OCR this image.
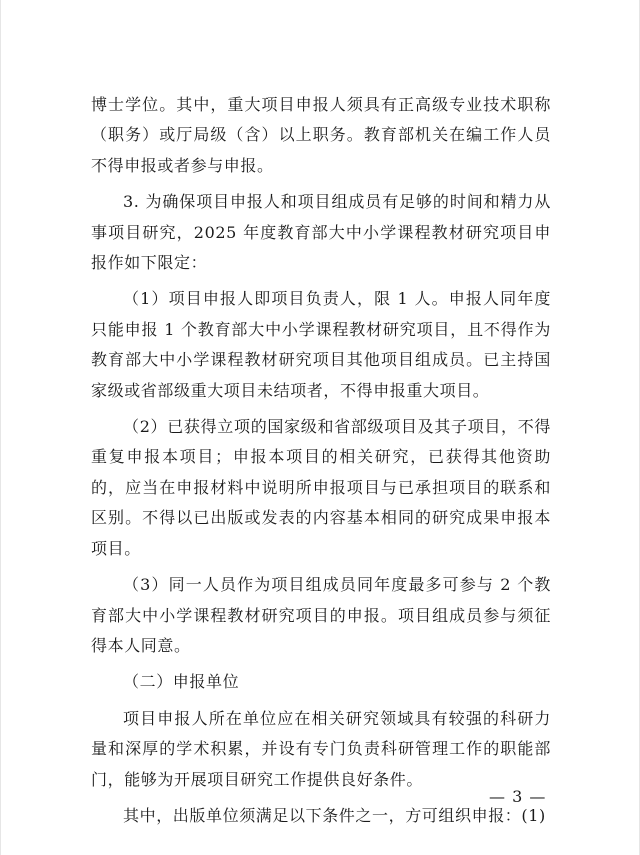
博士学位。其中，重大项目申报人须具有正高级专业技术职称（职务）或厅局级（含）以上职务。教育部机关在编工作人员不得申报或者参与申报。

3. 为确保项目申报人和项目组成员有足够的时间和精力从事项目研究，2025 年度教育部大中小学课程教材研究项目申报作如下限定：

（1）项目申报人即项目负责人，限 1 人。申报人同年度只能申报 1 个教育部大中小学课程教材研究项目，且不得作为教育部大中小学课程教材研究项目其他项目组成员。已主持国家级或省部级重大项目未结项者，不得申报重大项目。

（2）已获得立项的国家级和省部级项目及其子项目，不得重复申报本项目；申报本项目的相关研究，已获得其他资助的，应当在申报材料中说明所申报项目与已承担项目的联系和区别。不得以已出版或发表的内容基本相同的研究成果申报本项目。

（3）同一人员作为项目组成员同年度最多可参与 2 个教育部大中小学课程教材研究项目的申报。项目组成员参与须征得本人同意。

（二）申报单位

项目申报人所在单位应在相关研究领域具有较强的科研力量和深厚的学术积累，并设有专门负责科研管理工作的职能部门，能够为开展项目研究工作提供良好条件。

其中，出版单位须满足以下条件之一，方可组织申报：(1)

— 3 —
